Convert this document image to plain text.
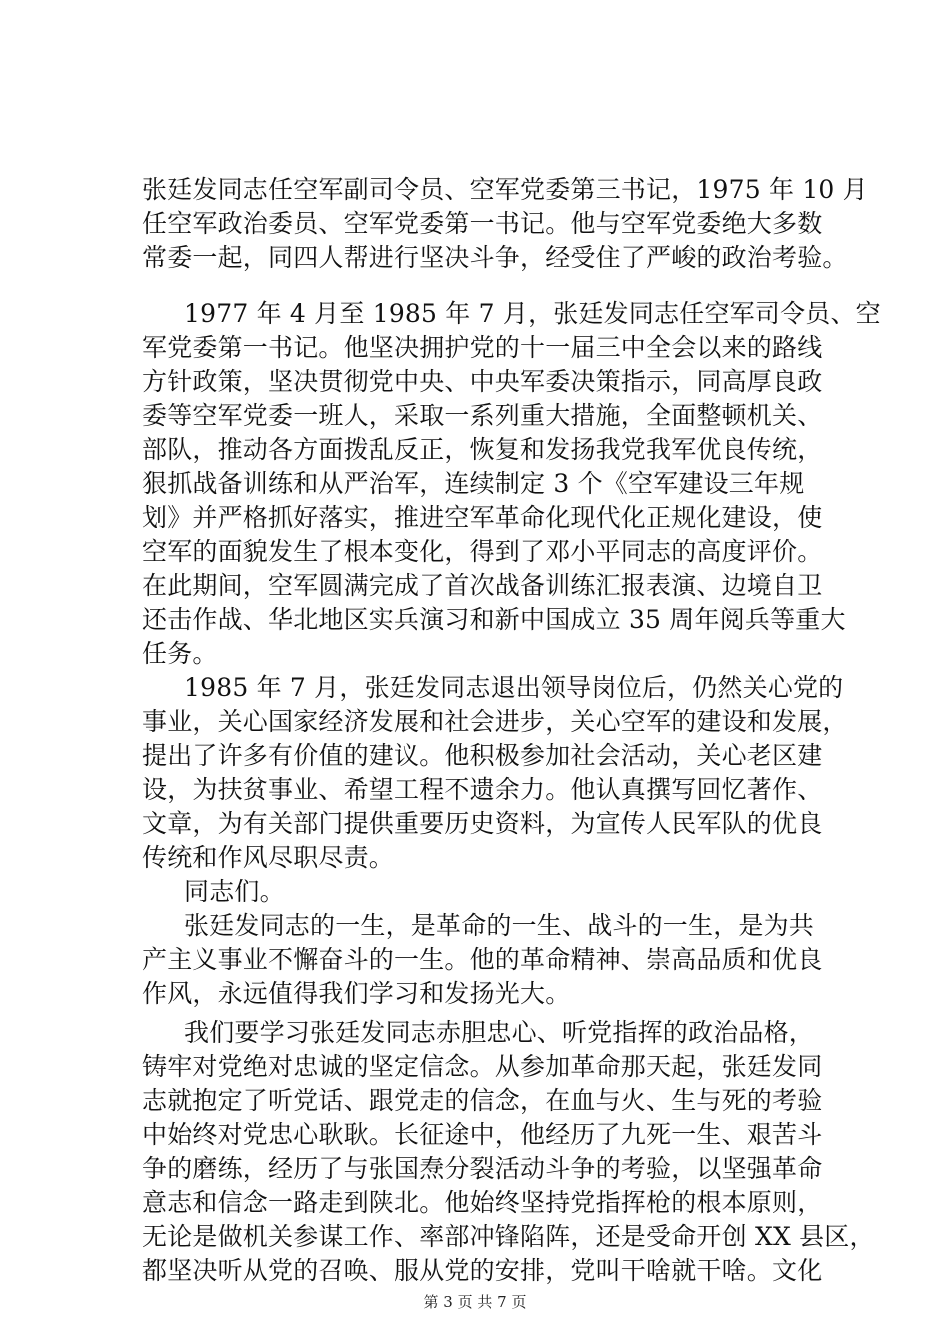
张廷发同志任空军副司令员、空军党委第三书记，1975 年 10 月
任空军政治委员、空军党委第一书记。他与空军党委绝大多数
常委一起，同四人帮进行坚决斗争，经受住了严峻的政治考验。
1977 年 4 月至 1985 年 7 月，张廷发同志任空军司令员、空
军党委第一书记。他坚决拥护党的十一届三中全会以来的路线
方针政策，坚决贯彻党中央、中央军委决策指示，同高厚良政
委等空军党委一班人，采取一系列重大措施，全面整顿机关、
部队，推动各方面拨乱反正，恢复和发扬我党我军优良传统，
狠抓战备训练和从严治军，连续制定 3 个《空军建设三年规
划》并严格抓好落实，推进空军革命化现代化正规化建设，使
空军的面貌发生了根本变化，得到了邓小平同志的高度评价。
在此期间，空军圆满完成了首次战备训练汇报表演、边境自卫
还击作战、华北地区实兵演习和新中国成立 35 周年阅兵等重大
任务。
1985 年 7 月，张廷发同志退出领导岗位后，仍然关心党的
事业，关心国家经济发展和社会进步，关心空军的建设和发展，
提出了许多有价值的建议。他积极参加社会活动，关心老区建
设，为扶贫事业、希望工程不遗余力。他认真撰写回忆著作、
文章，为有关部门提供重要历史资料，为宣传人民军队的优良
传统和作风尽职尽责。
同志们。
张廷发同志的一生，是革命的一生、战斗的一生，是为共
产主义事业不懈奋斗的一生。他的革命精神、崇高品质和优良
作风，永远值得我们学习和发扬光大。
我们要学习张廷发同志赤胆忠心、听党指挥的政治品格，
铸牢对党绝对忠诚的坚定信念。从参加革命那天起，张廷发同
志就抱定了听党话、跟党走的信念，在血与火、生与死的考验
中始终对党忠心耿耿。长征途中，他经历了九死一生、艰苦斗
争的磨练，经历了与张国焘分裂活动斗争的考验，以坚强革命
意志和信念一路走到陕北。他始终坚持党指挥枪的根本原则，
无论是做机关参谋工作、率部冲锋陷阵，还是受命开创 XX 县区，
都坚决听从党的召唤、服从党的安排，党叫干啥就干啥。文化
第 3 页 共 7 页
